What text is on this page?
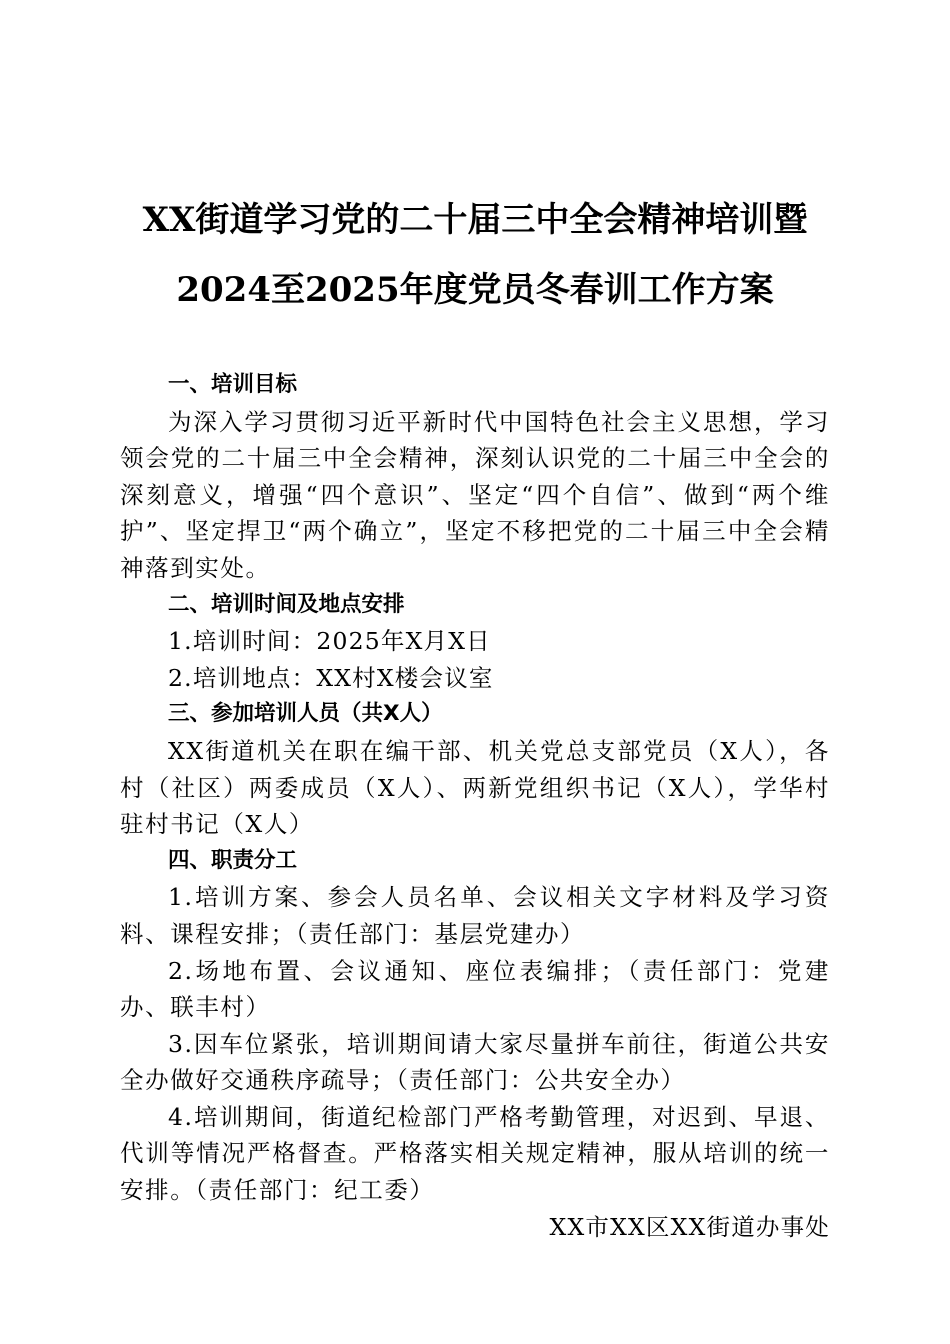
XX街道学习党的二十届三中全会精神培训暨
2024至2025年度党员冬春训工作方案

一、培训目标

为深入学习贯彻习近平新时代中国特色社会主义思想，学习领会党的二十届三中全会精神，深刻认识党的二十届三中全会的深刻意义，增强“四个意识”、坚定“四个自信”、做到“两个维护”、坚定捍卫“两个确立”，坚定不移把党的二十届三中全会精神落到实处。

二、培训时间及地点安排

1.培训时间：2025年X月X日

2.培训地点：XX村X楼会议室

三、参加培训人员（共X人）

XX街道机关在职在编干部、机关党总支部党员（X人），各村（社区）两委成员（X人）、两新党组织书记（X人），学华村驻村书记（X人）

四、职责分工

1.培训方案、参会人员名单、会议相关文字材料及学习资料、课程安排；（责任部门：基层党建办）

2.场地布置、会议通知、座位表编排；（责任部门：党建办、联丰村）

3.因车位紧张，培训期间请大家尽量拼车前往，街道公共安全办做好交通秩序疏导；（责任部门：公共安全办）

4.培训期间，街道纪检部门严格考勤管理，对迟到、早退、代训等情况严格督查。严格落实相关规定精神，服从培训的统一安排。（责任部门：纪工委）

XX市XX区XX街道办事处
